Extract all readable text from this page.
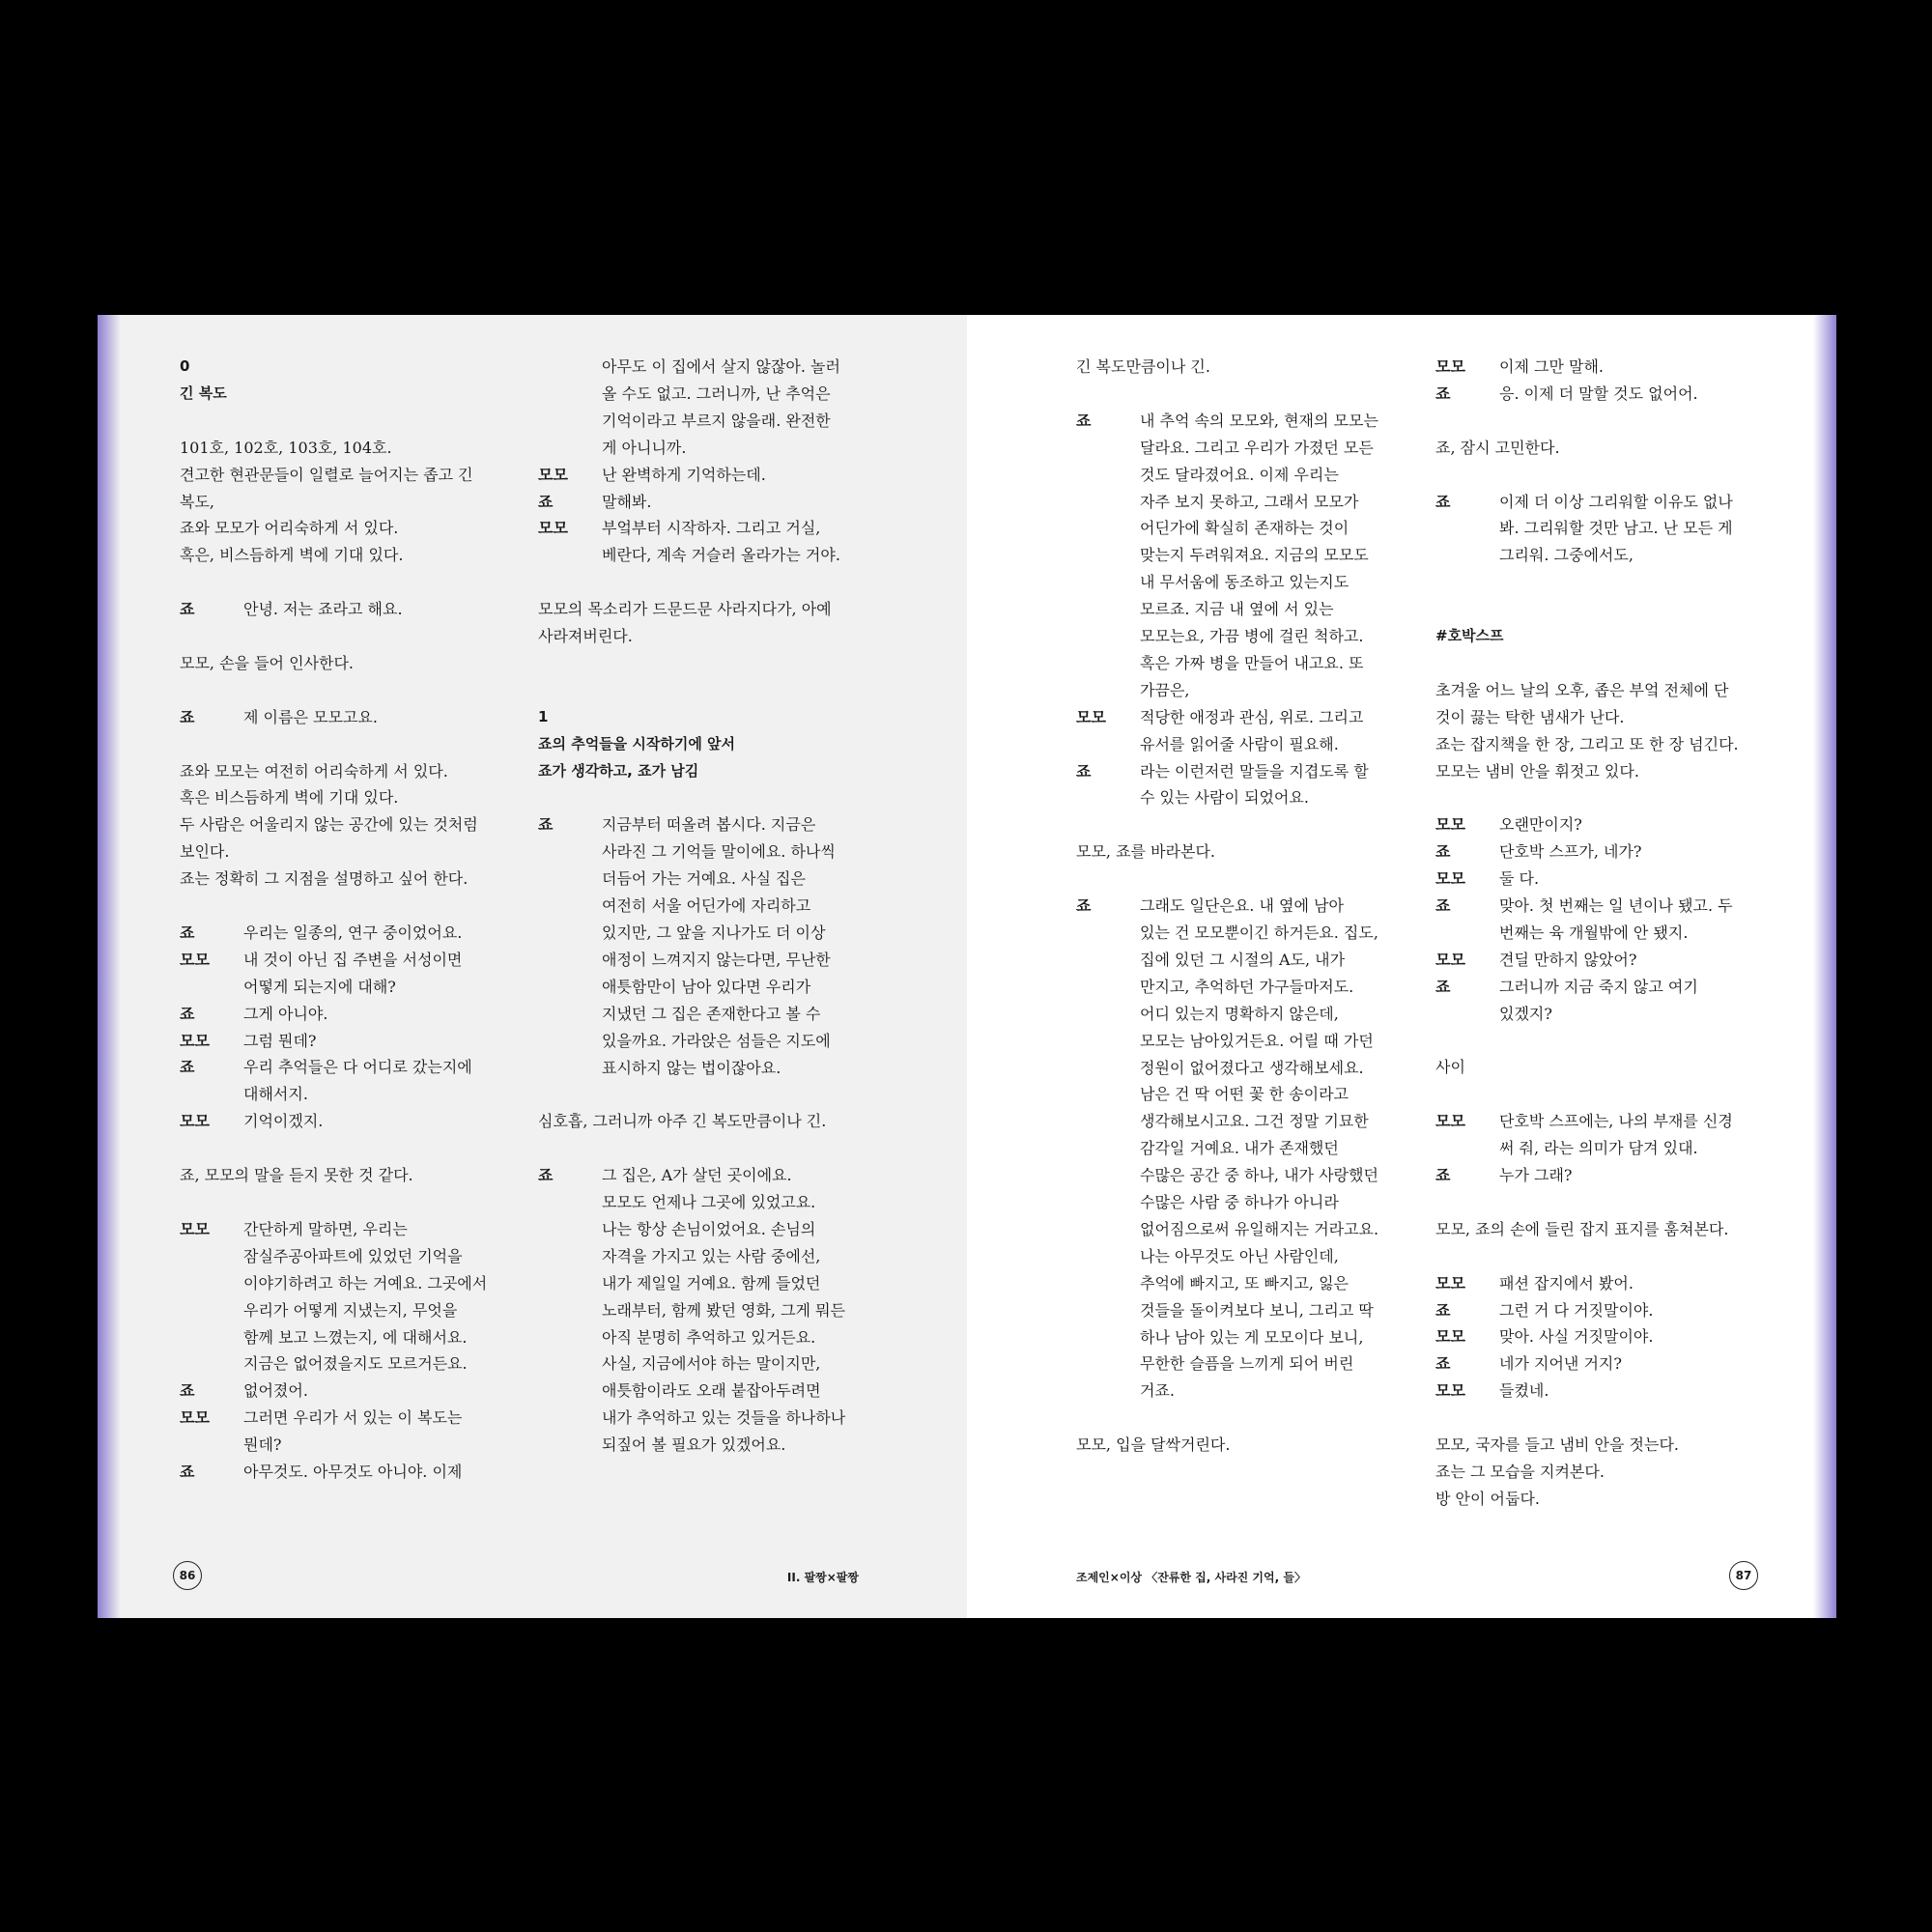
0
긴 복도

101호, 102호, 103호, 104호.
견고한 현관문들이 일렬로 늘어지는 좁고 긴
복도,
죠와 모모가 어리숙하게 서 있다.
혹은, 비스듬하게 벽에 기대 있다.

죠	안녕. 저는 죠라고 해요.

모모, 손을 들어 인사한다.

죠	제 이름은 모모고요.

죠와 모모는 여전히 어리숙하게 서 있다.
혹은 비스듬하게 벽에 기대 있다.
두 사람은 어울리지 않는 공간에 있는 것처럼
보인다.
죠는 정확히 그 지점을 설명하고 싶어 한다.

죠	우리는 일종의, 연구 중이었어요.
모모	내 것이 아닌 집 주변을 서성이면
어떻게 되는지에 대해?
죠	그게 아니야.
모모	그럼 뭔데?
죠	우리 추억들은 다 어디로 갔는지에
대해서지.
모모	기억이겠지.

죠, 모모의 말을 듣지 못한 것 같다.

모모	간단하게 말하면, 우리는
잠실주공아파트에 있었던 기억을
이야기하려고 하는 거예요. 그곳에서
우리가 어떻게 지냈는지, 무엇을
함께 보고 느꼈는지, 에 대해서요.
지금은 없어졌을지도 모르거든요.
죠	없어졌어.
모모	그러면 우리가 서 있는 이 복도는
뭔데?
죠	아무것도. 아무것도 아니야. 이제
아무도 이 집에서 살지 않잖아. 놀러
올 수도 없고. 그러니까, 난 추억은
기억이라고 부르지 않을래. 완전한
게 아니니까.
모모	난 완벽하게 기억하는데.
죠	말해봐.
모모	부엌부터 시작하자. 그리고 거실,
베란다, 계속 거슬러 올라가는 거야.

모모의 목소리가 드문드문 사라지다가, 아예
사라져버린다.

1
죠의 추억들을 시작하기에 앞서
죠가 생각하고, 죠가 남김

죠	지금부터 떠올려 봅시다. 지금은
사라진 그 기억들 말이에요. 하나씩
더듬어 가는 거예요. 사실 집은
여전히 서울 어딘가에 자리하고
있지만, 그 앞을 지나가도 더 이상
애정이 느껴지지 않는다면, 무난한
애틋함만이 남아 있다면 우리가
지냈던 그 집은 존재한다고 볼 수
있을까요. 가라앉은 섬들은 지도에
표시하지 않는 법이잖아요.

심호흡, 그러니까 아주 긴 복도만큼이나 긴.

죠	그 집은, A가 살던 곳이에요.
모모도 언제나 그곳에 있었고요.
나는 항상 손님이었어요. 손님의
자격을 가지고 있는 사람 중에선,
내가 제일일 거예요. 함께 들었던
노래부터, 함께 봤던 영화, 그게 뭐든
아직 분명히 추억하고 있거든요.
사실, 지금에서야 하는 말이지만,
애틋함이라도 오래 붙잡아두려면
내가 추억하고 있는 것들을 하나하나
되짚어 볼 필요가 있겠어요.
86	II. 팔짱×팔짱

긴 복도만큼이나 긴.

죠	내 추억 속의 모모와, 현재의 모모는
달라요. 그리고 우리가 가졌던 모든
것도 달라졌어요. 이제 우리는
자주 보지 못하고, 그래서 모모가
어딘가에 확실히 존재하는 것이
맞는지 두려워져요. 지금의 모모도
내 무서움에 동조하고 있는지도
모르죠. 지금 내 옆에 서 있는
모모는요, 가끔 병에 걸린 척하고.
혹은 가짜 병을 만들어 내고요. 또
가끔은,
모모	적당한 애정과 관심, 위로. 그리고
유서를 읽어줄 사람이 필요해.
죠	라는 이런저런 말들을 지겹도록 할
수 있는 사람이 되었어요.

모모, 죠를 바라본다.

죠	그래도 일단은요. 내 옆에 남아
있는 건 모모뿐이긴 하거든요. 집도,
집에 있던 그 시절의 A도, 내가
만지고, 추억하던 가구들마저도.
어디 있는지 명확하지 않은데,
모모는 남아있거든요. 어릴 때 가던
정원이 없어졌다고 생각해보세요.
남은 건 딱 어떤 꽃 한 송이라고
생각해보시고요. 그건 정말 기묘한
감각일 거예요. 내가 존재했던
수많은 공간 중 하나, 내가 사랑했던
수많은 사람 중 하나가 아니라
없어짐으로써 유일해지는 거라고요.
나는 아무것도 아닌 사람인데,
추억에 빠지고, 또 빠지고, 잃은
것들을 돌이켜보다 보니, 그리고 딱
하나 남아 있는 게 모모이다 보니,
무한한 슬픔을 느끼게 되어 버린
거죠.

모모, 입을 달싹거린다.

모모	이제 그만 말해.
죠	응. 이제 더 말할 것도 없어어.

죠, 잠시 고민한다.

죠	이제 더 이상 그리워할 이유도 없나
봐. 그리워할 것만 남고. 난 모든 게
그리워. 그중에서도,

#호박스프

초겨울 어느 날의 오후, 좁은 부엌 전체에 단
것이 끓는 탁한 냄새가 난다.
죠는 잡지책을 한 장, 그리고 또 한 장 넘긴다.
모모는 냄비 안을 휘젓고 있다.

모모	오랜만이지?
죠	단호박 스프가, 네가?
모모	둘 다.
죠	맞아. 첫 번째는 일 년이나 됐고. 두
번째는 육 개월밖에 안 됐지.
모모	견딜 만하지 않았어?
죠	그러니까 지금 죽지 않고 여기
있겠지?

사이

모모	단호박 스프에는, 나의 부재를 신경
써 줘, 라는 의미가 담겨 있대.
죠	누가 그래?

모모, 죠의 손에 들린 잡지 표지를 훔쳐본다.

모모	패션 잡지에서 봤어.
죠	그런 거 다 거짓말이야.
모모	맞아. 사실 거짓말이야.
죠	네가 지어낸 거지?
모모	들켰네.

모모, 국자를 들고 냄비 안을 젓는다.
죠는 그 모습을 지켜본다.
방 안이 어둡다.

조제인×이상 〈잔류한 집, 사라진 기억, 들〉	87
